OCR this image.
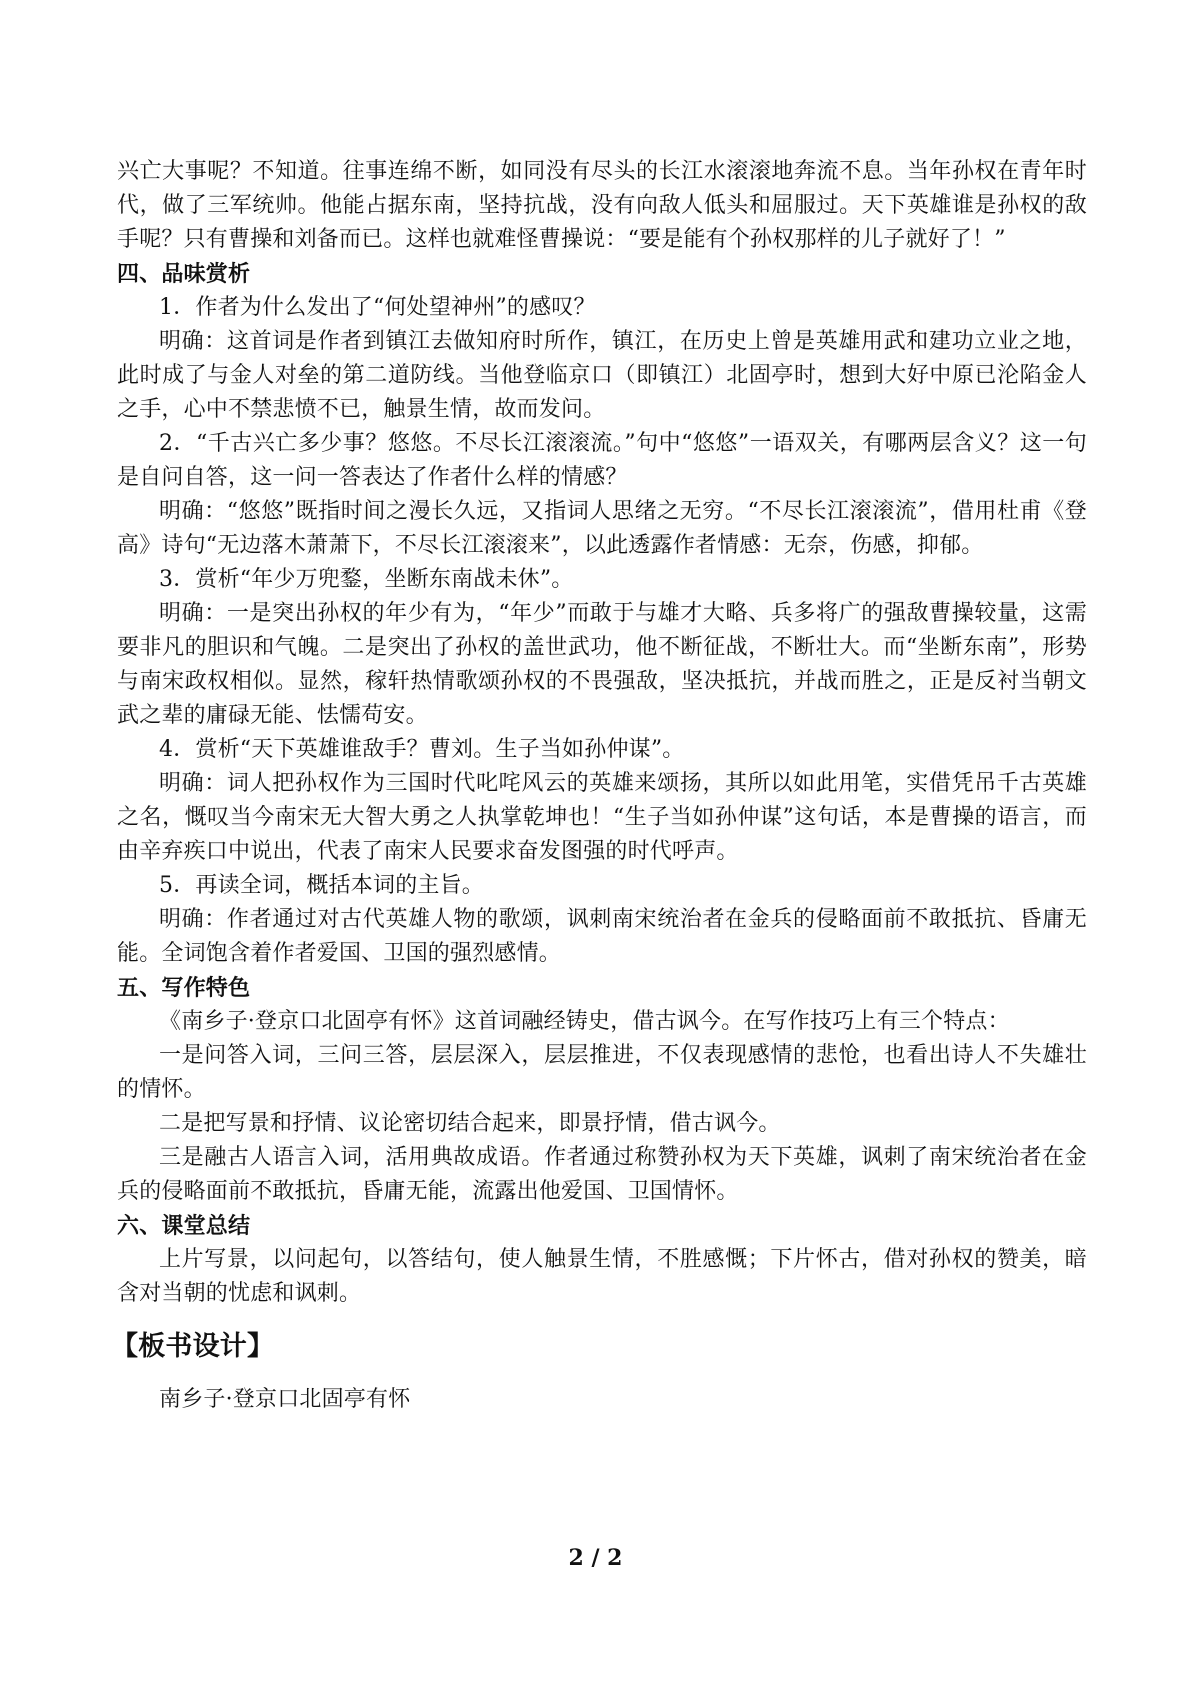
兴亡大事呢？不知道。往事连绵不断，如同没有尽头的长江水滚滚地奔流不息。当年孙权在青年时代，做了三军统帅。他能占据东南，坚持抗战，没有向敌人低头和屈服过。天下英雄谁是孙权的敌手呢？只有曹操和刘备而已。这样也就难怪曹操说：“要是能有个孙权那样的儿子就好了！”

四、品味赏析

1．作者为什么发出了“何处望神州”的感叹？

明确：这首词是作者到镇江去做知府时所作，镇江，在历史上曾是英雄用武和建功立业之地，此时成了与金人对垒的第二道防线。当他登临京口（即镇江）北固亭时，想到大好中原已沦陷金人之手，心中不禁悲愤不已，触景生情，故而发问。

2．“千古兴亡多少事？悠悠。不尽长江滚滚流。”句中“悠悠”一语双关，有哪两层含义？这一句是自问自答，这一问一答表达了作者什么样的情感？

明确：“悠悠”既指时间之漫长久远，又指词人思绪之无穷。“不尽长江滚滚流”，借用杜甫《登高》诗句“无边落木萧萧下，不尽长江滚滚来”，以此透露作者情感：无奈，伤感，抑郁。

3．赏析“年少万兜鍪，坐断东南战未休”。

明确：一是突出孙权的年少有为，“年少”而敢于与雄才大略、兵多将广的强敌曹操较量，这需要非凡的胆识和气魄。二是突出了孙权的盖世武功，他不断征战，不断壮大。而“坐断东南”，形势与南宋政权相似。显然，稼轩热情歌颂孙权的不畏强敌，坚决抵抗，并战而胜之，正是反衬当朝文武之辈的庸碌无能、怯懦苟安。

4．赏析“天下英雄谁敌手？曹刘。生子当如孙仲谋”。

明确：词人把孙权作为三国时代叱咤风云的英雄来颂扬，其所以如此用笔，实借凭吊千古英雄之名，慨叹当今南宋无大智大勇之人执掌乾坤也！“生子当如孙仲谋”这句话，本是曹操的语言，而由辛弃疾口中说出，代表了南宋人民要求奋发图强的时代呼声。

5．再读全词，概括本词的主旨。

明确：作者通过对古代英雄人物的歌颂，讽刺南宋统治者在金兵的侵略面前不敢抵抗、昏庸无能。全词饱含着作者爱国、卫国的强烈感情。

五、写作特色

《南乡子·登京口北固亭有怀》这首词融经铸史，借古讽今。在写作技巧上有三个特点：

一是问答入词，三问三答，层层深入，层层推进，不仅表现感情的悲怆，也看出诗人不失雄壮的情怀。

二是把写景和抒情、议论密切结合起来，即景抒情，借古讽今。

三是融古人语言入词，活用典故成语。作者通过称赞孙权为天下英雄，讽刺了南宋统治者在金兵的侵略面前不敢抵抗，昏庸无能，流露出他爱国、卫国情怀。

六、课堂总结

上片写景，以问起句，以答结句，使人触景生情，不胜感慨；下片怀古，借对孙权的赞美，暗含对当朝的忧虑和讽刺。

【板书设计】

南乡子·登京口北固亭有怀

2 / 2
